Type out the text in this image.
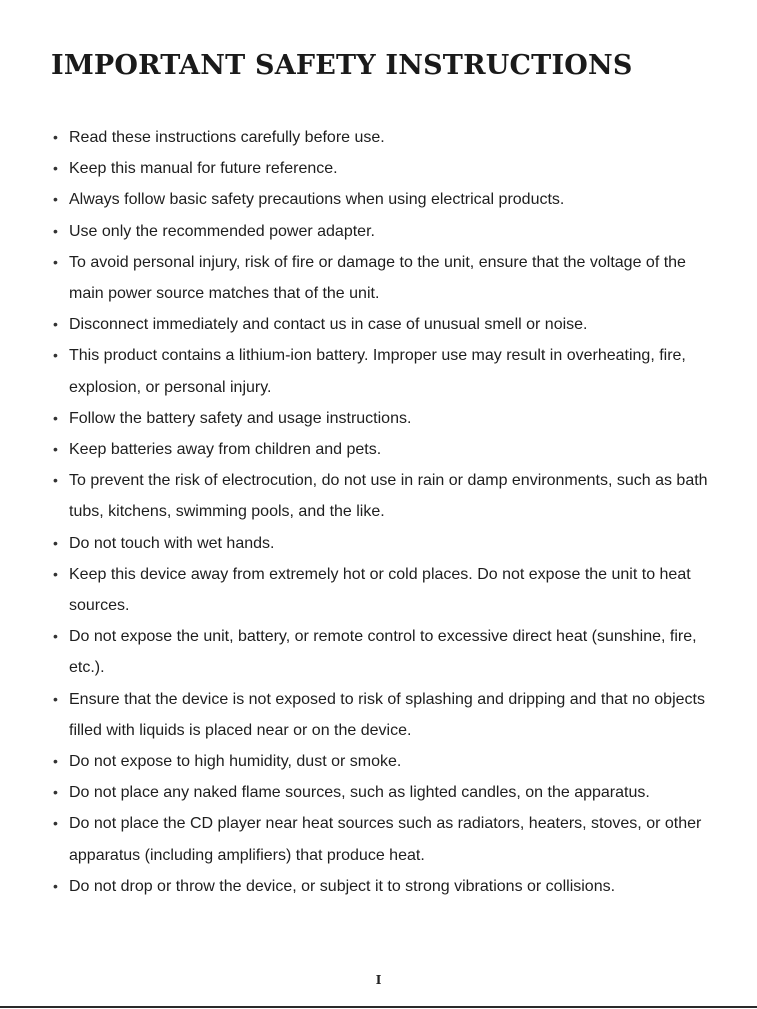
IMPORTANT SAFETY INSTRUCTIONS
• Read these instructions carefully before use.
• Keep this manual for future reference.
• Always follow basic safety precautions when using electrical products.
• Use only the recommended power adapter.
• To avoid personal injury, risk of fire or damage to the unit, ensure that the voltage of the main power source matches that of the unit.
• Disconnect immediately and contact us in case of unusual smell or noise.
• This product contains a lithium-ion battery. Improper use may result in overheating, fire, explosion, or personal injury.
• Follow the battery safety and usage instructions.
• Keep batteries away from children and pets.
• To prevent the risk of electrocution, do not use in rain or damp environments, such as bath tubs, kitchens, swimming pools, and the like.
• Do not touch with wet hands.
• Keep this device away from extremely hot or cold places. Do not expose the unit to heat sources.
• Do not expose the unit, battery, or remote control to excessive direct heat (sunshine, fire, etc.).
• Ensure that the device is not exposed to risk of splashing and dripping and that no objects filled with liquids is placed near or on the device.
• Do not expose to high humidity, dust or smoke.
• Do not place any naked flame sources, such as lighted candles, on the apparatus.
• Do not place the CD player near heat sources such as radiators, heaters, stoves, or other apparatus (including amplifiers) that produce heat.
• Do not drop or throw the device, or subject it to strong vibrations or collisions.
I
